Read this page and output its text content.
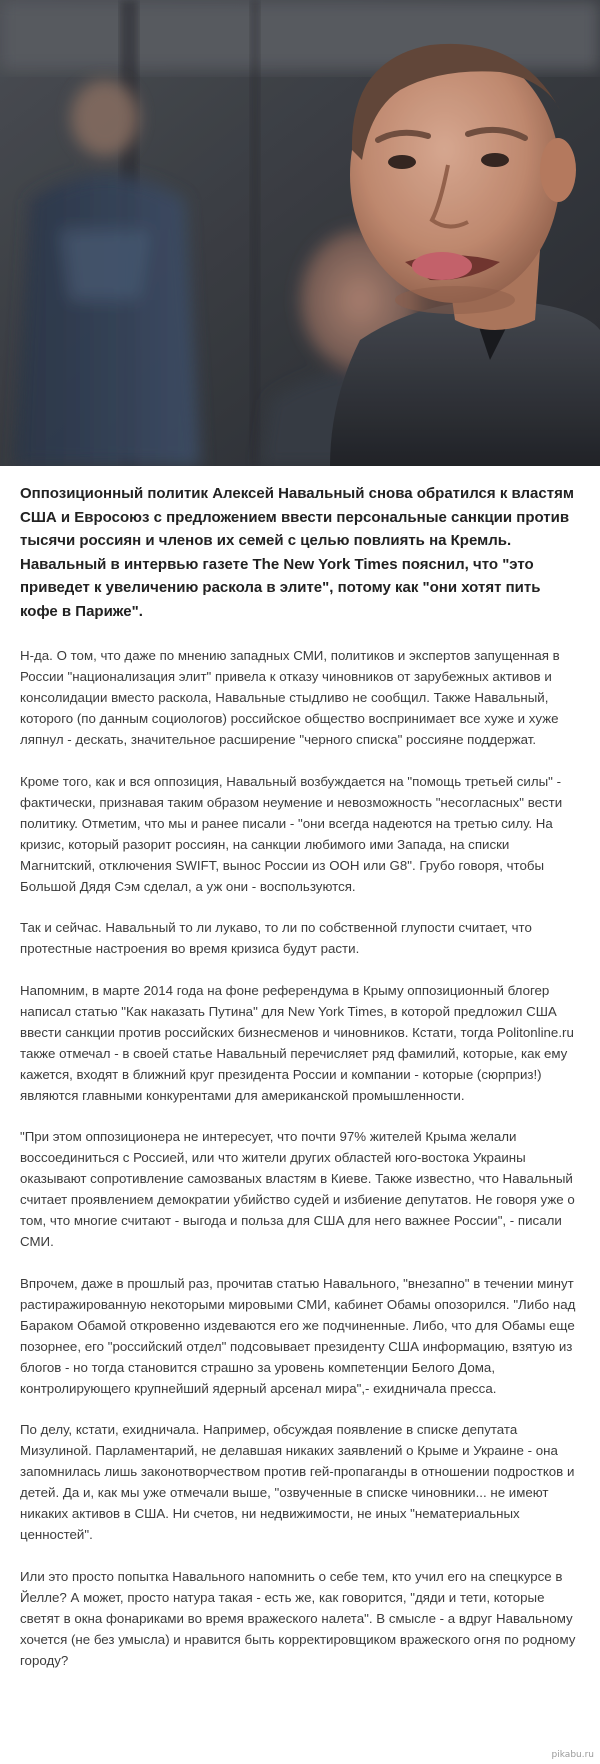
Оппозиционный политик Алексей Навальный снова обратился к властям США и Евросоюз с предложением ввести персональные санкции против тысячи россиян и членов их семей с целью повлиять на Кремль. Навальный в интервью газете The New York Times пояснил, что "это приведет к увеличению раскола в элите", потому как "они хотят пить кофе в Париже".

Н-да. О том, что даже по мнению западных СМИ, политиков и экспертов запущенная в России "национализация элит" привела к отказу чиновников от зарубежных активов и консолидации вместо раскола, Навальные стыдливо не сообщил. Также Навальный, которого (по данным социологов) российское общество воспринимает все хуже и хуже ляпнул - дескать, значительное расширение "черного списка" россияне поддержат.

Кроме того, как и вся оппозиция, Навальный возбуждается на "помощь третьей силы" - фактически, признавая таким образом неумение и невозможность "несогласных" вести политику. Отметим, что мы и ранее писали - "они всегда надеются на третью силу. На кризис, который разорит россиян, на санкции любимого ими Запада, на списки Магнитский, отключения SWIFT, вынос России из ООН или G8". Грубо говоря, чтобы Большой Дядя Сэм сделал, а уж они - воспользуются.

Так и сейчас. Навальный то ли лукаво, то ли по собственной глупости считает, что протестные настроения во время кризиса будут расти.

Напомним, в марте 2014 года на фоне референдума в Крыму оппозиционный блогер написал статью "Как наказать Путина" для New York Times, в которой предложил США ввести санкции против российских бизнесменов и чиновников. Кстати, тогда Politonline.ru также отмечал - в своей статье Навальный перечисляет ряд фамилий, которые, как ему кажется, входят в ближний круг президента России и компании - которые (сюрприз!) являются главными конкурентами для американской промышленности.

"При этом оппозиционера не интересует, что почти 97% жителей Крыма желали воссоединиться с Россией, или что жители других областей юго-востока Украины оказывают сопротивление самозваных властям в Киеве. Также известно, что Навальный считает проявлением демократии убийство судей и избиение депутатов. Не говоря уже о том, что многие считают - выгода и польза для США для него важнее России", - писали СМИ.

Впрочем, даже в прошлый раз, прочитав статью Навального, "внезапно" в течении минут растиражированную некоторыми мировыми СМИ, кабинет Обамы опозорился. "Либо над Бараком Обамой откровенно издеваются его же подчиненные. Либо, что для Обамы еще позорнее, его "российский отдел" подсовывает президенту США информацию, взятую из блогов - но тогда становится страшно за уровень компетенции Белого Дома, контролирующего крупнейший ядерный арсенал мира",- ехидничала пресса.

По делу, кстати, ехидничала. Например, обсуждая появление в списке депутата Мизулиной. Парламентарий, не делавшая никаких заявлений о Крыме и Украине - она запомнилась лишь законотворчеством против гей-пропаганды в отношении подростков и детей. Да и, как мы уже отмечали выше, "озвученные в списке чиновники... не имеют никаких активов в США. Ни счетов, ни недвижимости, не иных "нематериальных ценностей".

Или это просто попытка Навального напомнить о себе тем, кто учил его на спецкурсе в Йелле? А может, просто натура такая - есть же, как говорится, "дяди и тети, которые светят в окна фонариками во время вражеского налета". В смысле - а вдруг Навальному хочется (не без умысла) и нравится быть корректировщиком вражеского огня по родному городу?

pikabu.ru
